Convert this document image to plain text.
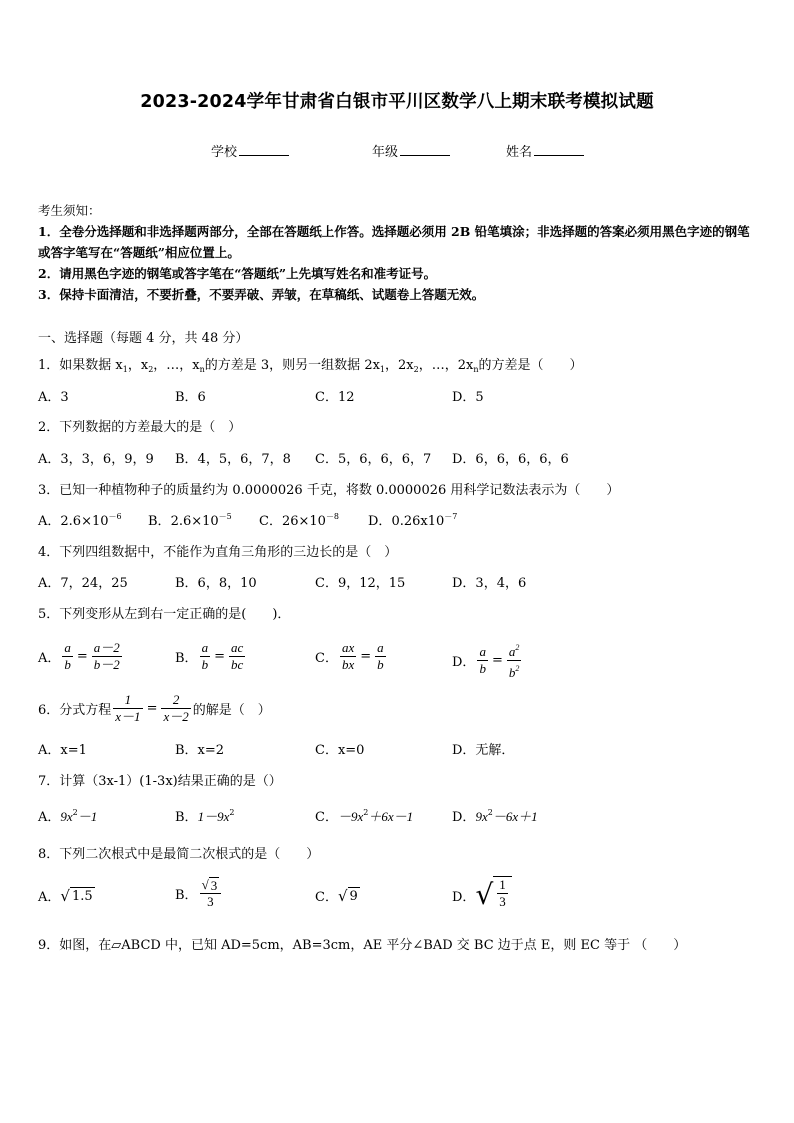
2023-2024学年甘肃省白银市平川区数学八上期末联考模拟试题
学校	年级	姓名
考生须知：
1．全卷分选择题和非选择题两部分，全部在答题纸上作答。选择题必须用 2B 铅笔填涂；非选择题的答案必须用黑色字迹的钢笔或答字笔写在“答题纸”相应位置上。
2．请用黑色字迹的钢笔或答字笔在“答题纸”上先填写姓名和准考证号。
3．保持卡面清洁，不要折叠，不要弄破、弄皱，在草稿纸、试题卷上答题无效。
一、选择题（每题 4 分，共 48 分）
1．如果数据 $x_1$，$x_2$，…，$x_n$的方差是 3，则另一组数据 $2x_1$，$2x_2$，…，$2x_n$的方差是（　　）
A．3	B．6	C．12	D．5
2．下列数据的方差最大的是（　）
A．3，3，6，9，9 B．4，5，6，7，8 C．5，6，6，6，7 D．6，6，6，6，6
3．已知一种植物种子的质量约为 0.0000026 千克，将数 0.0000026 用科学记数法表示为（　　）
A．$2.6\times 10^{-6}$ B．$2.6\times 10^{-5}$ C．$26\times 10^{-8}$ D．$0.26x10^{-7}$
4．下列四组数据中，不能作为直角三角形的三边长的是（　）
A．7，24，25	B．6，8，10	C．9，12，15	D．3，4，6
5．下列变形从左到右一定正确的是(　　)．
A． $\frac{a}{b} = \frac{a-2}{b-2}$	B． $\frac{a}{b} = \frac{ac}{bc}$	C． $\frac{ax}{bx} = \frac{a}{b}$	D． $\frac{a}{b} = \frac{a^2}{b^2}$
6．分式方程 $\frac{1}{x-1} = \frac{2}{x-2}$ 的解是（　）
A．x=1	B．x=2	C．x=0	D．无解．
7．计算（3x-1）(1-3x)结果正确的是（）
A．$9x^2-1$	B．$1-9x^2$	C．$-9x^2+6x-1$	D．$9x^2-6x+1$
8．下列二次根式中是最简二次根式的是（　　）
A． √ 1.5	B． $\frac{√ 3}{3}$	C． √ 9	D． √ $\frac{1}{3}$
9．如图，在▱ABCD 中，已知 AD=5cm，AB=3cm，AE 平分∠BAD 交 BC 边于点 E，则 EC 等于 （　　）
